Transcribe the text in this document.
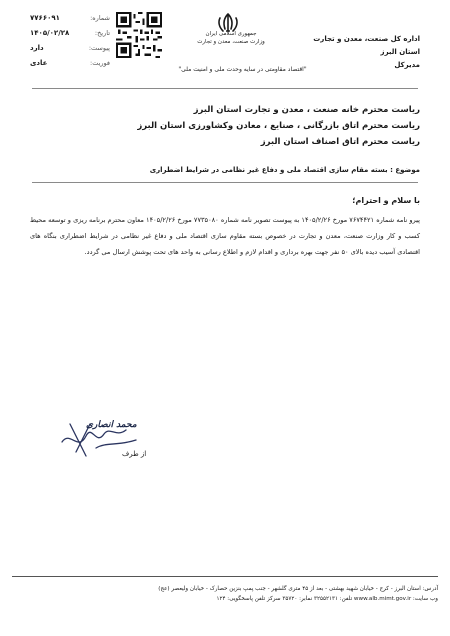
اداره کل صنعت، معدن و تجارت استان البرز
مدیرکل
جمهوری اسلامی ایران
وزارت صنعت، معدن و تجارت
"اقتصاد مقاومتی در سایه وحدت ملی و امنیت ملی"
شماره:
۷۷۶۶۰۹۱
تاریخ:
۱۴۰۵/۰۲/۲۸
پیوست:
دارد
فوریت:
عادی
ریاست محترم خانه صنعت ، معدن و تجارت استان البرز
ریاست محترم اتاق بازرگانی ، صنایع ، معادن وکشاورزی استان البرز
ریاست محترم اتاق اصناف استان البرز
موضوع : بسته مقام سازی اقتصاد ملی و دفاع غیر نظامی در شرایط اضطراری
با سلام و احترام؛
پیرو نامه شماره ۷۶۷۴۴۲۱ مورخ ۱۴۰۵/۲/۲۶ به پیوست تصویر نامه شماره ۷۷۳۵۰۸۰ مورخ ۱۴۰۵/۲/۲۶ معاون محترم برنامه ریزی و توسعه محیط کسب و کار وزارت صنعت، معدن و تجارت در خصوص بسته مقاوم سازی اقتصاد ملی و دفاع غیر نظامی در شرایط اضطراری بنگاه های اقتصادی آسیب دیده بالای ۵۰ نفر جهت بهره برداری و اقدام لازم و اطلاع رسانی به واحد های تحت پوشش ارسال می گردد.
محمد انصاری
از طرف
آدرس: استان البرز - کرج - خیابان شهید بهشتی - بعد از ۴۵ متری گلشهر - جنب پمپ بنزین حصارک - خیابان ولیعصر (عج)
وب سایت: www.alb.mimt.gov.ir تلفن: ۳۲۵۵۲۱۳۱ نمابر: ۳۵۷۲۰ سرکز تلفن پاسخگویی: ۱۲۴
